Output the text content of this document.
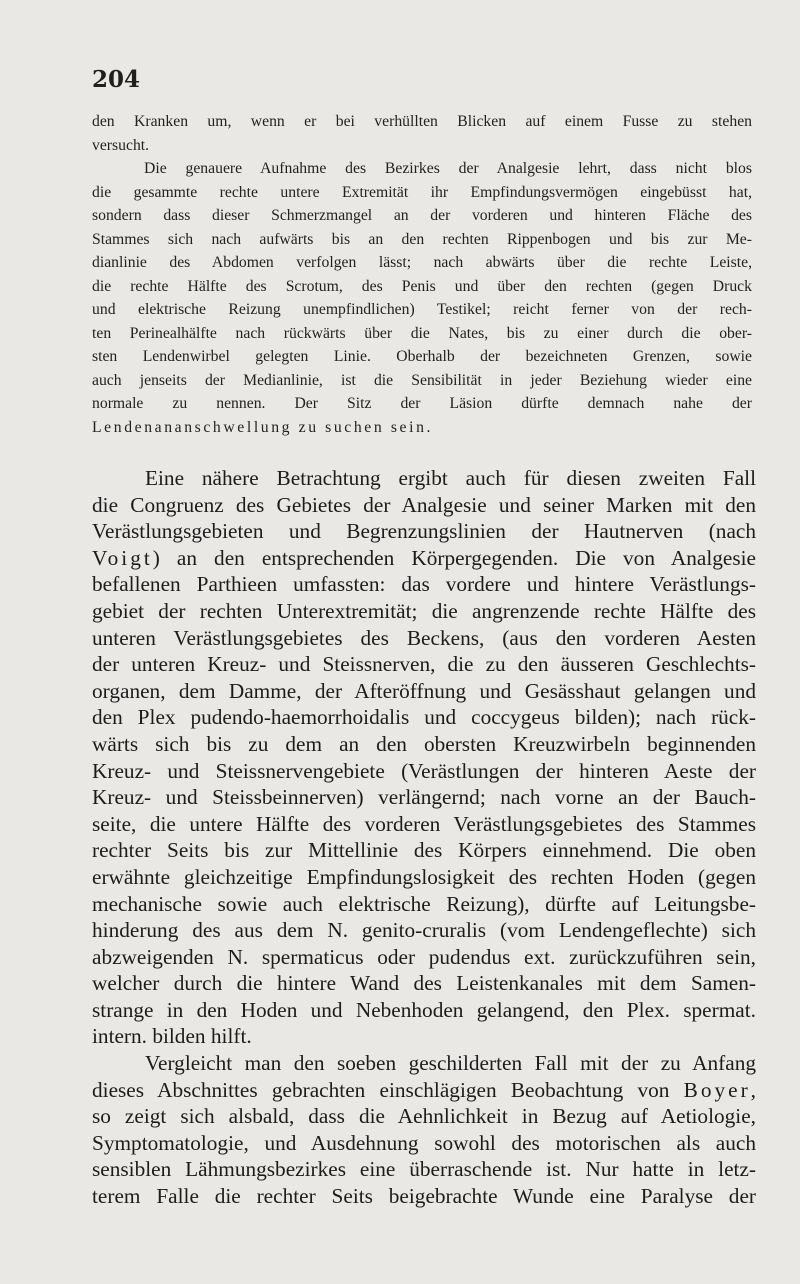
204
den Kranken um, wenn er bei verhüllten Blicken auf einem Fusse zu stehen
versucht.
Die genauere Aufnahme des Bezirkes der Analgesie lehrt, dass nicht blos
die gesammte rechte untere Extremität ihr Empfindungsvermögen eingebüsst hat,
sondern dass dieser Schmerzmangel an der vorderen und hinteren Fläche des
Stammes sich nach aufwärts bis an den rechten Rippenbogen und bis zur Me-
dianlinie des Abdomen verfolgen lässt; nach abwärts über die rechte Leiste,
die rechte Hälfte des Scrotum, des Penis und über den rechten (gegen Druck
und elektrische Reizung unempfindlichen) Testikel; reicht ferner von der rech-
ten Perinealhälfte nach rückwärts über die Nates, bis zu einer durch die ober-
sten Lendenwirbel gelegten Linie. Oberhalb der bezeichneten Grenzen, sowie
auch jenseits der Medianlinie, ist die Sensibilität in jeder Beziehung wieder eine
normale zu nennen. Der Sitz der Läsion dürfte demnach nahe der
Lendenananschwellung zu suchen sein.
Eine nähere Betrachtung ergibt auch für diesen zweiten Fall
die Congruenz des Gebietes der Analgesie und seiner Marken mit den
Verästlungsgebieten und Begrenzungslinien der Hautnerven (nach
Voigt) an den entsprechenden Körpergegenden. Die von Analgesie
befallenen Parthieen umfassten: das vordere und hintere Verästlungs-
gebiet der rechten Unterextremität; die angrenzende rechte Hälfte des
unteren Verästlungsgebietes des Beckens, (aus den vorderen Aesten
der unteren Kreuz- und Steissnerven, die zu den äusseren Geschlechts-
organen, dem Damme, der Afteröffnung und Gesässhaut gelangen und
den Plex pudendo-haemorrhoidalis und coccygeus bilden); nach rück-
wärts sich bis zu dem an den obersten Kreuzwirbeln beginnenden
Kreuz- und Steissnervengebiete (Verästlungen der hinteren Aeste der
Kreuz- und Steissbeinnerven) verlängernd; nach vorne an der Bauch-
seite, die untere Hälfte des vorderen Verästlungsgebietes des Stammes
rechter Seits bis zur Mittellinie des Körpers einnehmend. Die oben
erwähnte gleichzeitige Empfindungslosigkeit des rechten Hoden (gegen
mechanische sowie auch elektrische Reizung), dürfte auf Leitungsbe-
hinderung des aus dem N. genito-cruralis (vom Lendengeflechte) sich
abzweigenden N. spermaticus oder pudendus ext. zurückzuführen sein,
welcher durch die hintere Wand des Leistenkanales mit dem Samen-
strange in den Hoden und Nebenhoden gelangend, den Plex. spermat.
intern. bilden hilft.
Vergleicht man den soeben geschilderten Fall mit der zu Anfang
dieses Abschnittes gebrachten einschlägigen Beobachtung von Boyer,
so zeigt sich alsbald, dass die Aehnlichkeit in Bezug auf Aetiologie,
Symptomatologie, und Ausdehnung sowohl des motorischen als auch
sensiblen Lähmungsbezirkes eine überraschende ist. Nur hatte in letz-
terem Falle die rechter Seits beigebrachte Wunde eine Paralyse der
